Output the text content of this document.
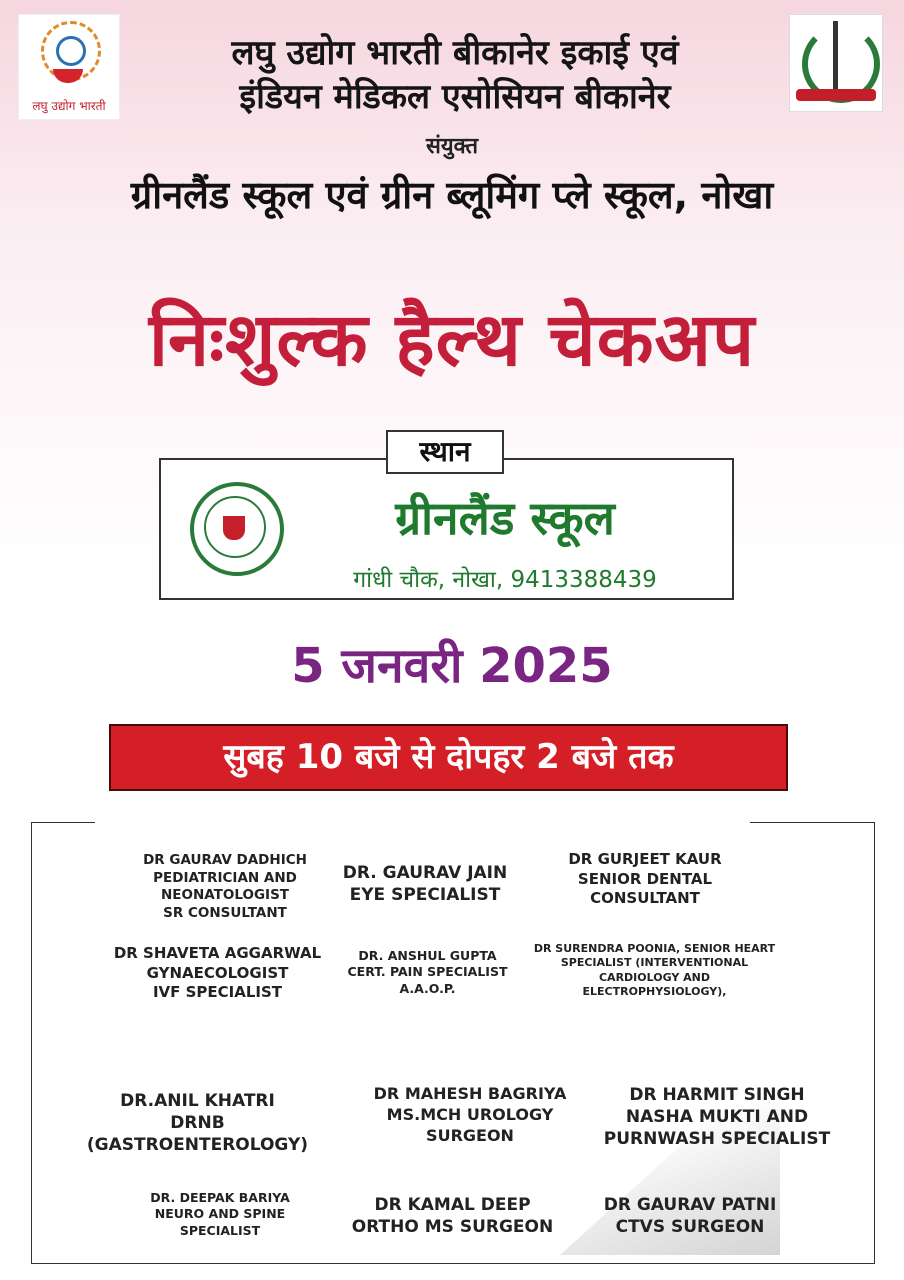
लघु उद्योग भारती
लघु उद्योग भारती बीकानेर इकाई एवं
इंडियन मेडिकल एसोसियन बीकानेर
संयुक्त
ग्रीनलैंड स्कूल एवं ग्रीन ब्लूमिंग प्ले स्कूल, नोखा
निःशुल्क हैल्थ चेकअप
स्थान
ग्रीनलैंड स्कूल
गांधी चौक, नोखा, 9413388439
5 जनवरी 2025
सुबह 10 बजे से दोपहर 2 बजे तक
DR GAURAV DADHICH
PEDIATRICIAN AND
NEONATOLOGIST
SR CONSULTANT
DR. GAURAV JAIN
EYE SPECIALIST
DR GURJEET KAUR
SENIOR DENTAL
CONSULTANT
DR SHAVETA AGGARWAL
GYNAECOLOGIST
IVF SPECIALIST
DR. ANSHUL GUPTA
CERT. PAIN SPECIALIST
A.A.O.P.
DR SURENDRA POONIA, SENIOR HEART
SPECIALIST (INTERVENTIONAL
CARDIOLOGY AND
ELECTROPHYSIOLOGY),
DR.ANIL KHATRI
DRNB
(GASTROENTEROLOGY)
DR MAHESH BAGRIYA
MS.MCH UROLOGY
SURGEON
DR HARMIT SINGH
NASHA MUKTI AND
PURNWASH SPECIALIST
DR. DEEPAK BARIYA
NEURO AND SPINE
SPECIALIST
DR KAMAL DEEP
ORTHO MS SURGEON
DR GAURAV PATNI
CTVS SURGEON
